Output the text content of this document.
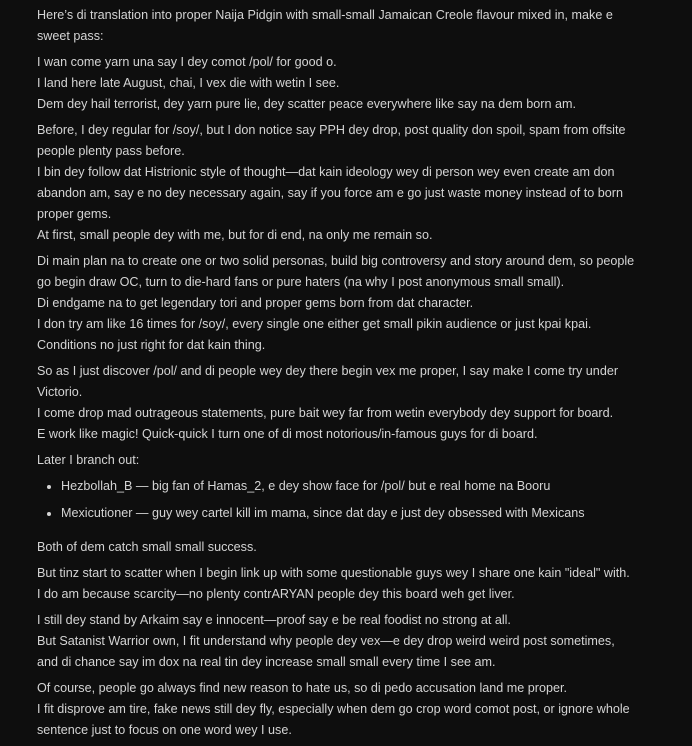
Here’s di translation into proper Naija Pidgin with small-small Jamaican Creole flavour mixed in, make e
sweet pass:

I wan come yarn una say I dey comot /pol/ for good o.
I land here late August, chai, I vex die with wetin I see.
Dem dey hail terrorist, dey yarn pure lie, dey scatter peace everywhere like say na dem born am.

Before, I dey regular for /soy/, but I don notice say PPH dey drop, post quality don spoil, spam from offsite
people plenty pass before.
I bin dey follow dat Histrionic style of thought—dat kain ideology wey di person wey even create am don
abandon am, say e no dey necessary again, say if you force am e go just waste money instead of to born
proper gems.
At first, small people dey with me, but for di end, na only me remain so.

Di main plan na to create one or two solid personas, build big controversy and story around dem, so people
go begin draw OC, turn to die-hard fans or pure haters (na why I post anonymous small small).
Di endgame na to get legendary tori and proper gems born from dat character.
I don try am like 16 times for /soy/, every single one either get small pikin audience or just kpai kpai.
Conditions no just right for dat kain thing.

So as I just discover /pol/ and di people wey dey there begin vex me proper, I say make I come try under
Victorio.
I come drop mad outrageous statements, pure bait wey far from wetin everybody dey support for board.
E work like magic! Quick-quick I turn one of di most notorious/in-famous guys for di board.

Later I branch out:

• Hezbollah_B — big fan of Hamas_2, e dey show face for /pol/ but e real home na Booru
• Mexicutioner — guy wey cartel kill im mama, since dat day e just dey obsessed with Mexicans

Both of dem catch small small success.

But tinz start to scatter when I begin link up with some questionable guys wey I share one kain "ideal" with.
I do am because scarcity—no plenty contrARYAN people dey this board weh get liver.

I still dey stand by Arkaim say e innocent—proof say e be real foodist no strong at all.
But Satanist Warrior own, I fit understand why people dey vex—e dey drop weird weird post sometimes,
and di chance say im dox na real tin dey increase small small every time I see am.

Of course, people go always find new reason to hate us, so di pedo accusation land me proper.
I fit disprove am tire, fake news still dey fly, especially when dem go crop word comot post, or ignore whole
sentence just to focus on one word wey I use.
